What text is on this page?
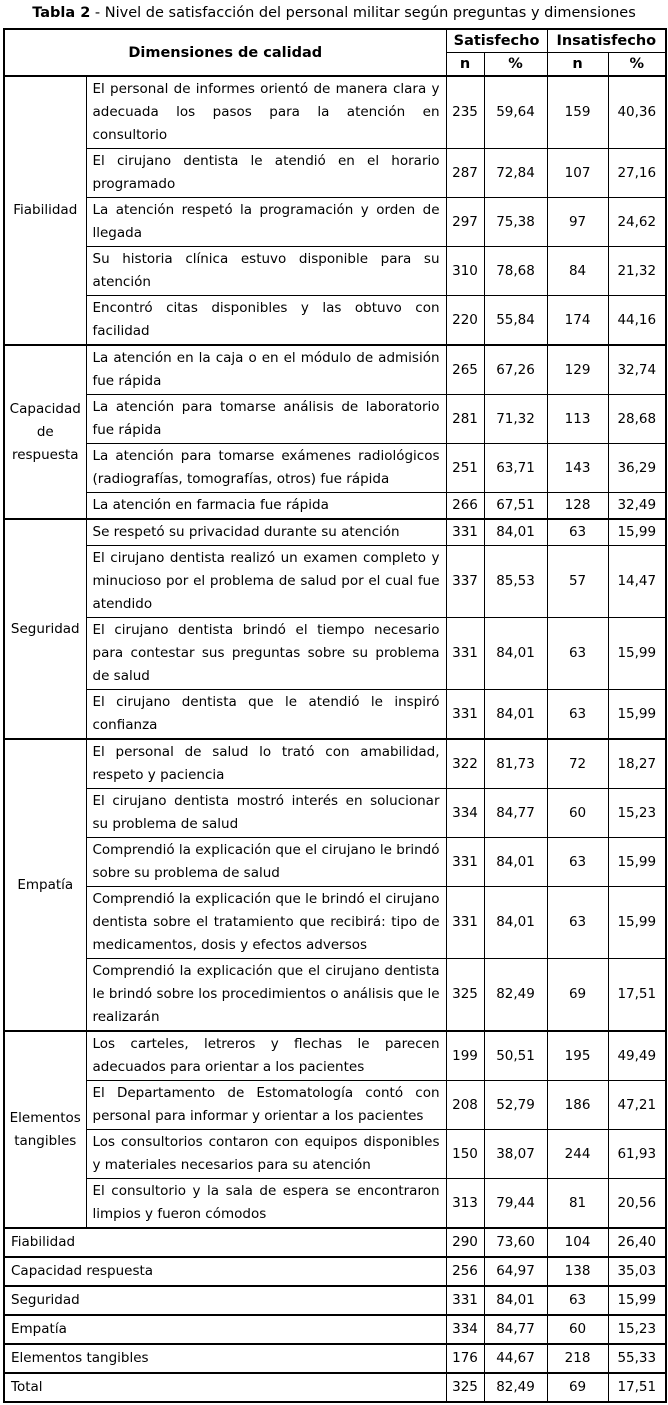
Tabla 2 - Nivel de satisfacción del personal militar según preguntas y dimensiones
Dimensiones de calidad		Satisfecho		Insatisfecho	
		n	%	n	%
Fiabilidad	El personal de informes orientó de manera clara y adecuada los pasos para la atención en consultorio	235	59,64	159	40,36
	El cirujano dentista le atendió en el horario programado	287	72,84	107	27,16
	La atención respetó la programación y orden de llegada	297	75,38	97	24,62
	Su historia clínica estuvo disponible para su atención	310	78,68	84	21,32
	Encontró citas disponibles y las obtuvo con facilidad	220	55,84	174	44,16
Capacidad de respuesta	La atención en la caja o en el módulo de admisión fue rápida	265	67,26	129	32,74
	La atención para tomarse análisis de laboratorio fue rápida	281	71,32	113	28,68
	La atención para tomarse exámenes radiológicos (radiografías, tomografías, otros) fue rápida	251	63,71	143	36,29
	La atención en farmacia fue rápida	266	67,51	128	32,49
Seguridad	Se respetó su privacidad durante su atención	331	84,01	63	15,99
	El cirujano dentista realizó un examen completo y minucioso por el problema de salud por el cual fue atendido	337	85,53	57	14,47
	El cirujano dentista brindó el tiempo necesario para contestar sus preguntas sobre su problema de salud	331	84,01	63	15,99
	El cirujano dentista que le atendió le inspiró confianza	331	84,01	63	15,99
Empatía	El personal de salud lo trató con amabilidad, respeto y paciencia	322	81,73	72	18,27
	El cirujano dentista mostró interés en solucionar su problema de salud	334	84,77	60	15,23
	Comprendió la explicación que el cirujano le brindó sobre su problema de salud	331	84,01	63	15,99
	Comprendió la explicación que le brindó el cirujano dentista sobre el tratamiento que recibirá: tipo de medicamentos, dosis y efectos adversos	331	84,01	63	15,99
	Comprendió la explicación que el cirujano dentista le brindó sobre los procedimientos o análisis que le realizarán	325	82,49	69	17,51
Elementos tangibles	Los carteles, letreros y flechas le parecen adecuados para orientar a los pacientes	199	50,51	195	49,49
	El Departamento de Estomatología contó con personal para informar y orientar a los pacientes	208	52,79	186	47,21
	Los consultorios contaron con equipos disponibles y materiales necesarios para su atención	150	38,07	244	61,93
	El consultorio y la sala de espera se encontraron limpios y fueron cómodos	313	79,44	81	20,56
Fiabilidad		290	73,60	104	26,40
Capacidad respuesta		256	64,97	138	35,03
Seguridad		331	84,01	63	15,99
Empatía		334	84,77	60	15,23
Elementos tangibles		176	44,67	218	55,33
Total		325	82,49	69	17,51
